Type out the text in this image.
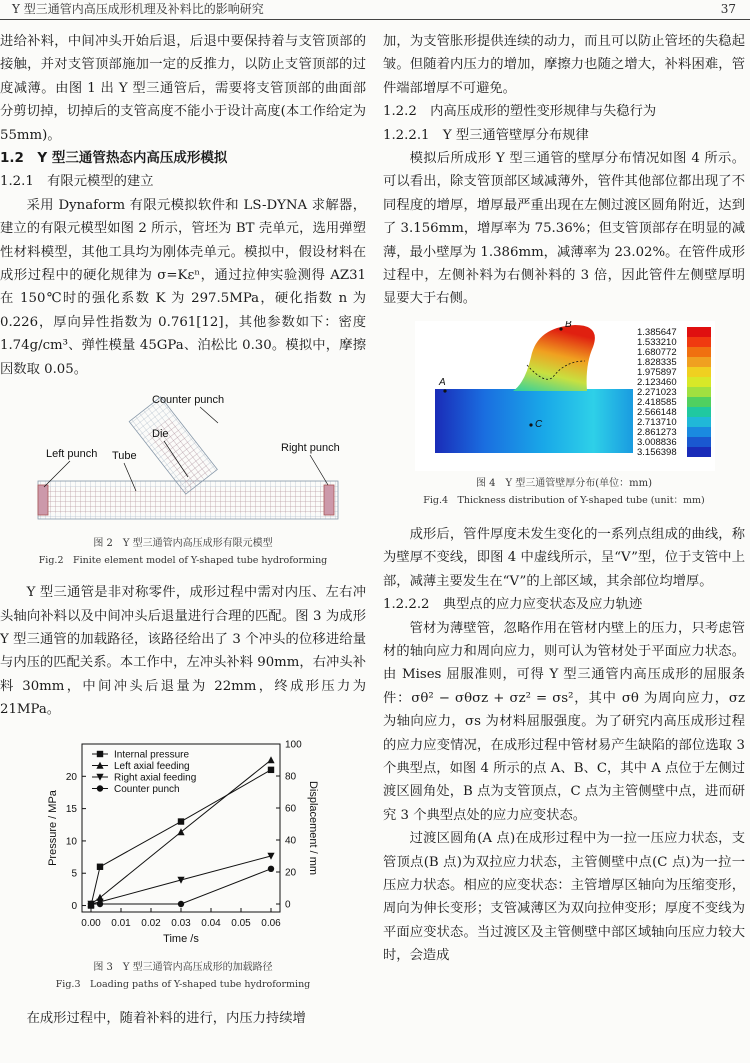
Y 型三通管内高压成形机理及补料比的影响研究	37

进给补料，中间冲头开始后退，后退中要保持着与支管顶部的接触，并对支管顶部施加一定的反推力，以防止支管顶部的过度减薄。由图 1 出 Y 型三通管后，需要将支管顶部的曲面部分剪切掉，切掉后的支管高度不能小于设计高度(本工作给定为 55mm)。

1.2　Y 型三通管热态内高压成形模拟

1.2.1　有限元模型的建立

采用 Dynaform 有限元模拟软件和 LS-DYNA 求解器，建立的有限元模型如图 2 所示，管坯为 BT 壳单元，选用弹塑性材料模型，其他工具均为刚体壳单元。模拟中，假设材料在成形过程中的硬化规律为 σ=Kεⁿ，通过拉伸实验测得 AZ31 在 150℃时的强化系数 K 为 297.5MPa，硬化指数 n 为 0.226，厚向异性指数为 0.761[12]，其他参数如下：密度 1.74g/cm³、弹性模量 45GPa、泊松比 0.30。模拟中，摩擦因数取 0.05。

Counter punch
Die
Left punch Tube
Right punch
图 2　Y 型三通管内高压成形有限元模型
Fig.2　Finite element model of Y-shaped tube hydroforming

Y 型三通管是非对称零件，成形过程中需对内压、左右冲头轴向补料以及中间冲头后退量进行合理的匹配。图 3 为成形 Y 型三通管的加载路径，该路径给出了 3 个冲头的位移进给量与内压的匹配关系。本工作中，左冲头补料 90mm，右冲头补料 30mm，中间冲头后退量为 22mm，终成形压力为 21MPa。

0.00 0.01 0.02 0.03 0.04 0.05 0.06
0
5
10
15
20
0
20
40
60
80
100
Time /s
Pressure / MPa	Displacement / mm
Internal pressure
Left axial feeding
Right axial feeding
Counter punch
图 3　Y 型三通管内高压成形的加载路径
Fig.3　Loading paths of Y-shaped tube hydroforming

在成形过程中，随着补料的进行，内压力持续增

加，为支管胀形提供连续的动力，而且可以防止管坯的失稳起皱。但随着内压力的增加，摩擦力也随之增大，补料困难，管件端部增厚不可避免。

1.2.2　内高压成形的塑性变形规律与失稳行为

1.2.2.1　Y 型三通管壁厚分布规律

模拟后所成形 Y 型三通管的壁厚分布情况如图 4 所示。可以看出，除支管顶部区域减薄外，管件其他部位都出现了不同程度的增厚，增厚最严重出现在左侧过渡区圆角附近，达到了 3.156mm，增厚率为 75.36%；但支管顶部存在明显的减薄，最小壁厚为 1.386mm，减薄率为 23.02%。在管件成形过程中，左侧补料为右侧补料的 3 倍，因此管件左侧壁厚明显要大于右侧。

A
B
C
1.385647
1.533210
1.680772
1.828335
1.975897
2.123460
2.271023
2.418585
2.566148
2.713710
2.861273
3.008836
3.156398
图 4　Y 型三通管壁厚分布(单位：mm)
Fig.4　Thickness distribution of Y-shaped tube (unit：mm)

成形后，管件厚度未发生变化的一系列点组成的曲线，称为壁厚不变线，即图 4 中虚线所示，呈“V”型，位于支管中上部，减薄主要发生在“V”的上部区域，其余部位均增厚。

1.2.2.2　典型点的应力应变状态及应力轨迹

管材为薄壁管，忽略作用在管材内壁上的压力，只考虑管材的轴向应力和周向应力，则可认为管材处于平面应力状态。由 Mises 屈服准则，可得 Y 型三通管内高压成形的屈服条件：σθ² − σθσz + σz² = σs²，其中 σθ 为周向应力，σz 为轴向应力，σs 为材料屈服强度。为了研究内高压成形过程的应力应变情况，在成形过程中管材易产生缺陷的部位选取 3 个典型点，如图 4 所示的点 A、B、C，其中 A 点位于左侧过渡区圆角处，B 点为支管顶点，C 点为主管侧壁中点，进而研究 3 个典型点处的应力应变状态。

过渡区圆角(A 点)在成形过程中为一拉一压应力状态，支管顶点(B 点)为双拉应力状态，主管侧壁中点(C 点)为一拉一压应力状态。相应的应变状态：主管增厚区轴向为压缩变形，周向为伸长变形；支管减薄区为双向拉伸变形；厚度不变线为平面应变状态。当过渡区及主管侧壁中部区域轴向压应力较大时，会造成
